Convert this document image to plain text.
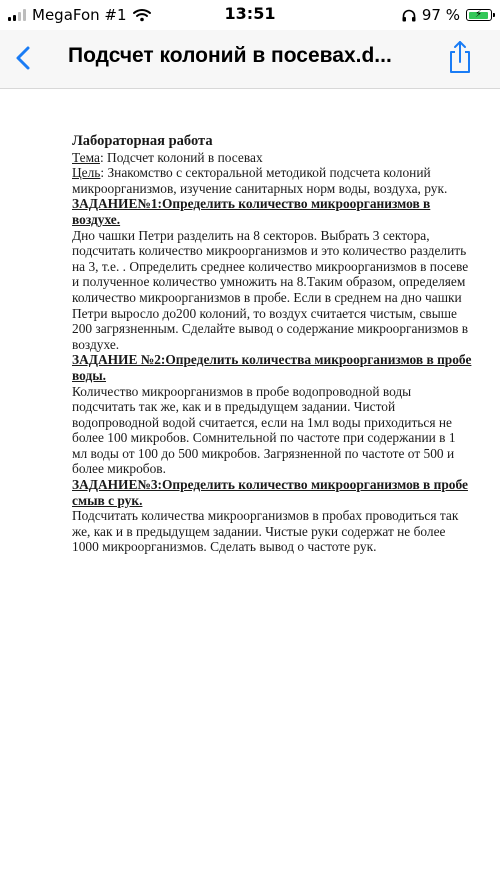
MegaFon #1	13:51	97 % ⚡
Подсчет колоний в посевах.d...

Лабораторная работа

Тема: Подсчет колоний в посевах

Цель: Знакомство с секторальной методикой подсчета колоний микроорганизмов, изучение санитарных норм воды, воздуха, рук.

ЗАДАНИЕ№1:Определить количество микроорганизмов в воздухе.

Дно чашки Петри разделить на 8 секторов. Выбрать 3 сектора, подсчитать количество микроорганизмов и это количество разделить на 3, т.е. . Определить среднее количество микроорганизмов в посеве и полученное количество умножить на 8.Таким образом, определяем количество микроорганизмов в пробе. Если в среднем на дно чашки Петри выросло до200 колоний, то воздух считается чистым, свыше 200 загрязненным. Сделайте вывод о содержание микроорганизмов в воздухе.

ЗАДАНИЕ №2:Определить количества микроорганизмов в пробе воды.

Количество микроорганизмов в пробе водопроводной воды подсчитать так же, как и в предыдущем задании. Чистой водопроводной водой считается, если на 1мл воды приходиться не более 100 микробов. Сомнительной по частоте при содержании в 1 мл воды от 100 до 500 микробов. Загрязненной по частоте от 500 и более микробов.

ЗАДАНИЕ№3:Определить количество микроорганизмов в пробе смыв с рук.

Подсчитать количества микроорганизмов в пробах проводиться так же, как и в предыдущем задании. Чистые руки содержат не более 1000 микроорганизмов. Сделать вывод о частоте рук.
